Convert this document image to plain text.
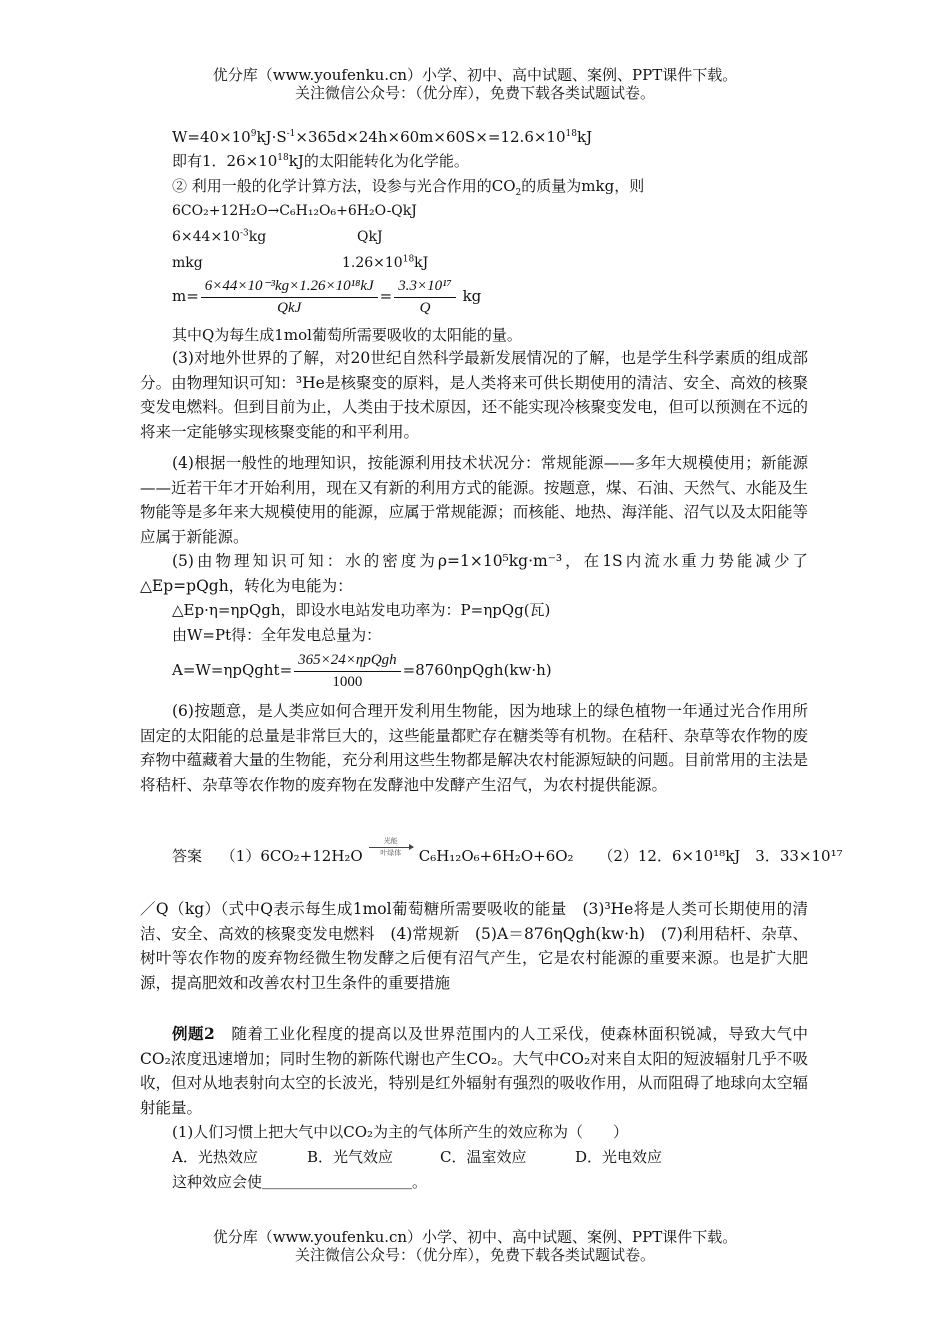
优分库（www.youfenku.cn）小学、初中、高中试题、案例、PPT课件下载。
关注微信公众号：（优分库），免费下载各类试题试卷。
$W=40\times 10^9kJ\cdot S^{-1}\times 365d\times 24h\times 60m\times 60S\times=12.6\times 10^{18}kJ$
即有1．$26\times 10^{18}kJ$的太阳能转化为化学能。
② 利用一般的化学计算方法，设参与光合作用的$CO_2$的质量为mkg，则
6CO₂+12H₂O→C₆H₁₂O₆+6H₂O-QkJ
$6\times 44\times 10^{-3}kg$	QkJ
mkg	$1.26\times 10^{18}kJ$
$m= \frac{\text{6×44×10⁻³kg×1.26×10¹⁸kJ}}{\text{QkJ}} = \frac{\text{3.3×10¹⁷}}{Q}$ kg
其中Q为每生成1mol葡萄所需要吸收的太阳能的量。
(3)对地外世界的了解，对20世纪自然科学最新发展情况的了解，也是学生科学素质的组成部分。由物理知识可知：³He是核聚变的原料，是人类将来可供长期使用的清洁、安全、高效的核聚变发电燃料。但到目前为止，人类由于技术原因，还不能实现冷核聚变发电，但可以预测在不远的将来一定能够实现核聚变能的和平利用。
(4)根据一般性的地理知识，按能源利用技术状况分：常规能源——多年大规模使用；新能源——近若干年才开始利用，现在又有新的利用方式的能源。按题意，煤、石油、天然气、水能及生物能等是多年来大规模使用的能源，应属于常规能源；而核能、地热、海洋能、沼气以及太阳能等应属于新能源。
(5)由物理知识可知：水的密度为ρ=1×10⁵kg·m⁻³，在1S内流水重力势能减少了△Ep=pQgh，转化为电能为：
△Ep·η=ηpQgh，即设水电站发电功率为：P=ηpQg(瓦)
由W=Pt得：全年发电总量为：
A=W=ηpQght= $\frac{\text{365×24×ηpQgh}}{1000}$ =8760ηpQgh(kw·h)
(6)按题意，是人类应如何合理开发利用生物能，因为地球上的绿色植物一年通过光合作用所固定的太阳能的总量是非常巨大的，这些能量都贮存在糖类等有机物。在秸秆、杂草等农作物的废弃物中蕴藏着大量的生物能，充分利用这些生物都是解决农村能源短缺的问题。目前常用的主法是将秸杆、杂草等农作物的废弃物在发酵池中发酵产生沼气，为农村提供能源。
答案 （1）6CO₂+12H₂O
光能
叶绿体 C₆H₁₂O₆+6H₂O+6O₂ （2）12．6×10¹⁸kJ　3．33×10¹⁷
／Q（kg）（式中Q表示每生成1mol葡萄糖所需要吸收的能量　(3)³He将是人类可长期使用的清洁、安全、高效的核聚变发电燃料　(4)常规新　(5)A＝876ηQgh(kw·h)　(7)利用秸杆、杂草、树叶等农作物的废弃物经微生物发酵之后便有沼气产生，它是农村能源的重要来源。也是扩大肥源，提高肥效和改善农村卫生条件的重要措施
例题2　 随着工业化程度的提高以及世界范围内的人工采伐，使森林面积锐减，导致大气中CO₂浓度迅速增加；同时生物的新陈代谢也产生CO₂。大气中CO₂对来自太阳的短波辐射几乎不吸收，但对从地表射向太空的长波光，特别是红外辐射有强烈的吸收作用，从而阻碍了地球向太空辐射能量。
(1)人们习惯上把大气中以CO₂为主的气体所产生的效应称为（　　）
A．光热效应	B．光气效应	C．温室效应	D．光电效应
这种效应会使＿＿＿＿＿＿＿＿＿＿。
优分库（www.youfenku.cn）小学、初中、高中试题、案例、PPT课件下载。
关注微信公众号：（优分库），免费下载各类试题试卷。
